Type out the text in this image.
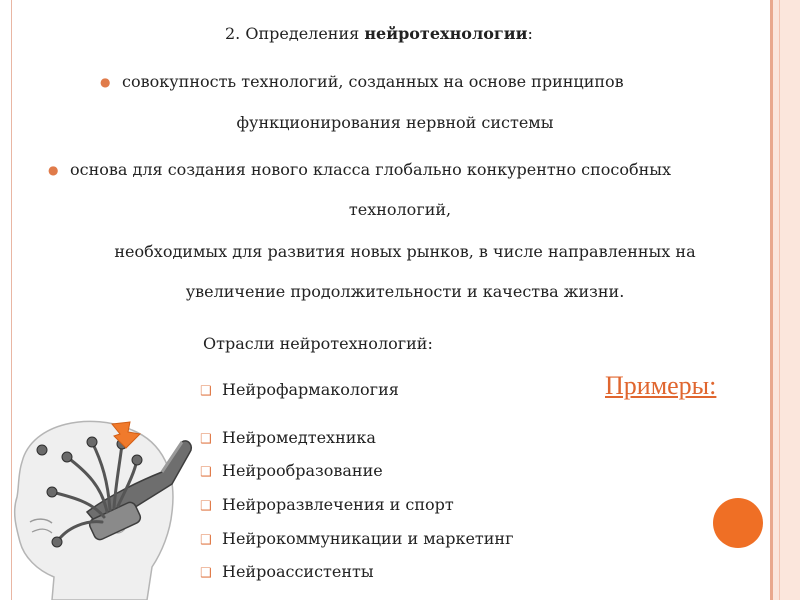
2. Определения нейротехнологии:
● совокупность технологий, созданных на основе принципов
функционирования нервной системы
● основа для создания нового класса глобально конкурентно способных
технологий,
необходимых для развития новых рынков, в числе направленных на
увеличение продолжительности и качества жизни.
Отрасли нейротехнологий:
❑ Нейрофармакология
❑ Нейромедтехника
❑ Нейрообразование
❑ Нейроразвлечения и спорт
❑ Нейрокоммуникации и маркетинг
❑ Нейроассистенты
Примеры:
